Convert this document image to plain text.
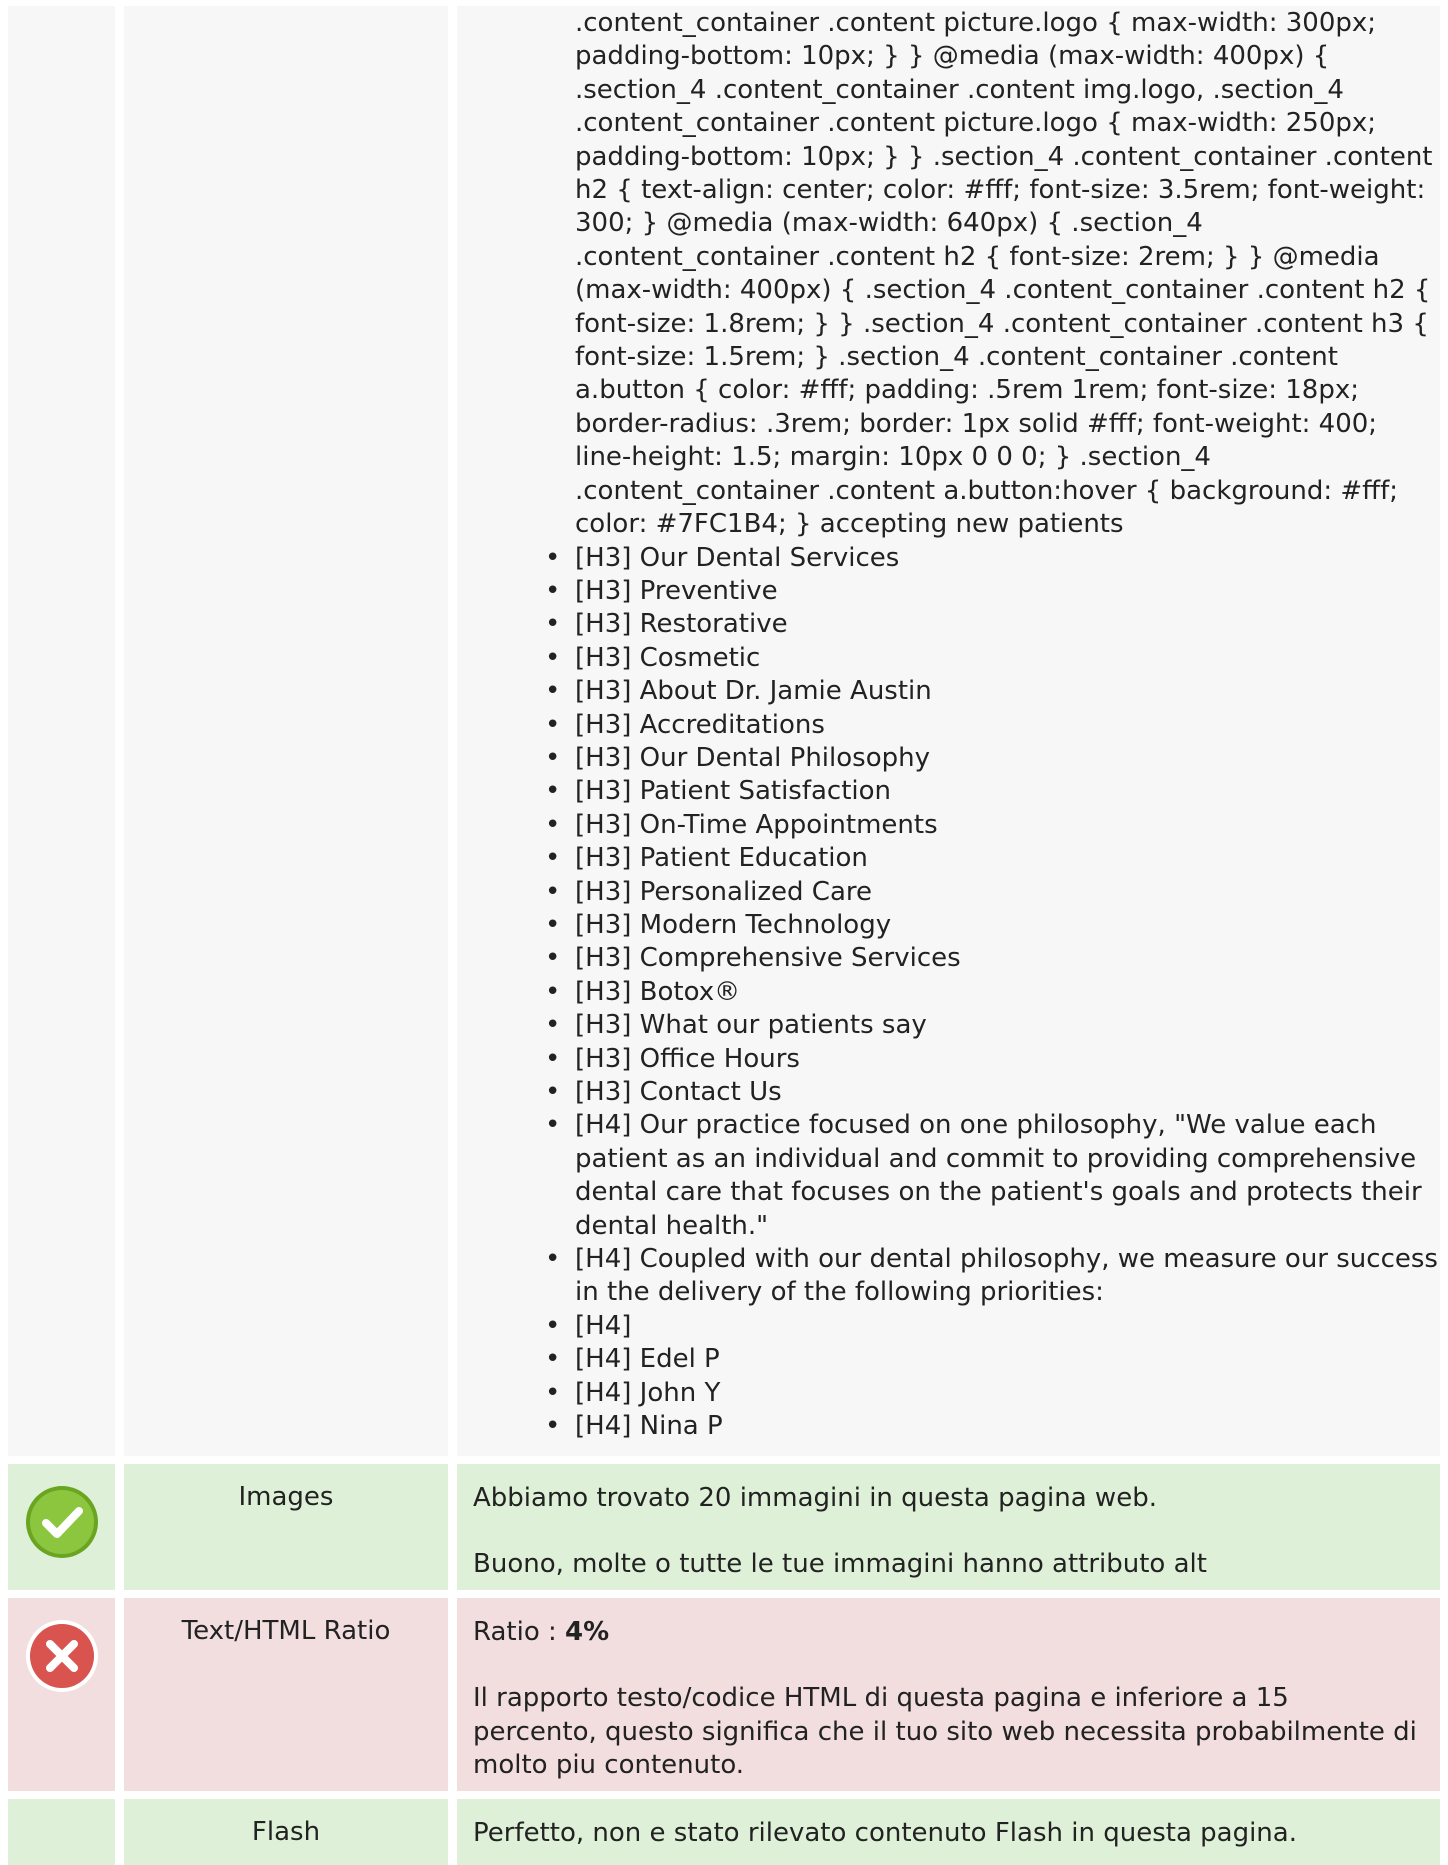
.content_container .content picture.logo { max-width: 300px; padding-bottom: 10px; } } @media (max-width: 400px) { .section_4 .content_container .content img.logo, .section_4 .content_container .content picture.logo { max-width: 250px; padding-bottom: 10px; } } .section_4 .content_container .content h2 { text-align: center; color: #fff; font-size: 3.5rem; font-weight: 300; } @media (max-width: 640px) { .section_4 .content_container .content h2 { font-size: 2rem; } } @media (max-width: 400px) { .section_4 .content_container .content h2 { font-size: 1.8rem; } } .section_4 .content_container .content h3 { font-size: 1.5rem; } .section_4 .content_container .content a.button { color: #fff; padding: .5rem 1rem; font-size: 18px; border-radius: .3rem; border: 1px solid #fff; font-weight: 400; line-height: 1.5; margin: 10px 0 0 0; } .section_4 .content_container .content a.button:hover { background: #fff; color: #7FC1B4; } accepting new patients
• [H3] Our Dental Services
• [H3] Preventive
• [H3] Restorative
• [H3] Cosmetic
• [H3] About Dr. Jamie Austin
• [H3] Accreditations
• [H3] Our Dental Philosophy
• [H3] Patient Satisfaction
• [H3] On-Time Appointments
• [H3] Patient Education
• [H3] Personalized Care
• [H3] Modern Technology
• [H3] Comprehensive Services
• [H3] Botox®
• [H3] What our patients say
• [H3] Office Hours
• [H3] Contact Us
• [H4] Our practice focused on one philosophy, "We value each patient as an individual and commit to providing comprehensive dental care that focuses on the patient's goals and protects their dental health."
• [H4] Coupled with our dental philosophy, we measure our success in the delivery of the following priorities:
• [H4]
• [H4] Edel P
• [H4] John Y
• [H4] Nina P
Images	Abbiamo trovato 20 immagini in questa pagina web.

Buono, molte o tutte le tue immagini hanno attributo alt

Text/HTML Ratio	Ratio : 4%

Il rapporto testo/codice HTML di questa pagina e inferiore a 15 percento, questo significa che il tuo sito web necessita probabilmente di molto piu contenuto.

Flash	Perfetto, non e stato rilevato contenuto Flash in questa pagina.
